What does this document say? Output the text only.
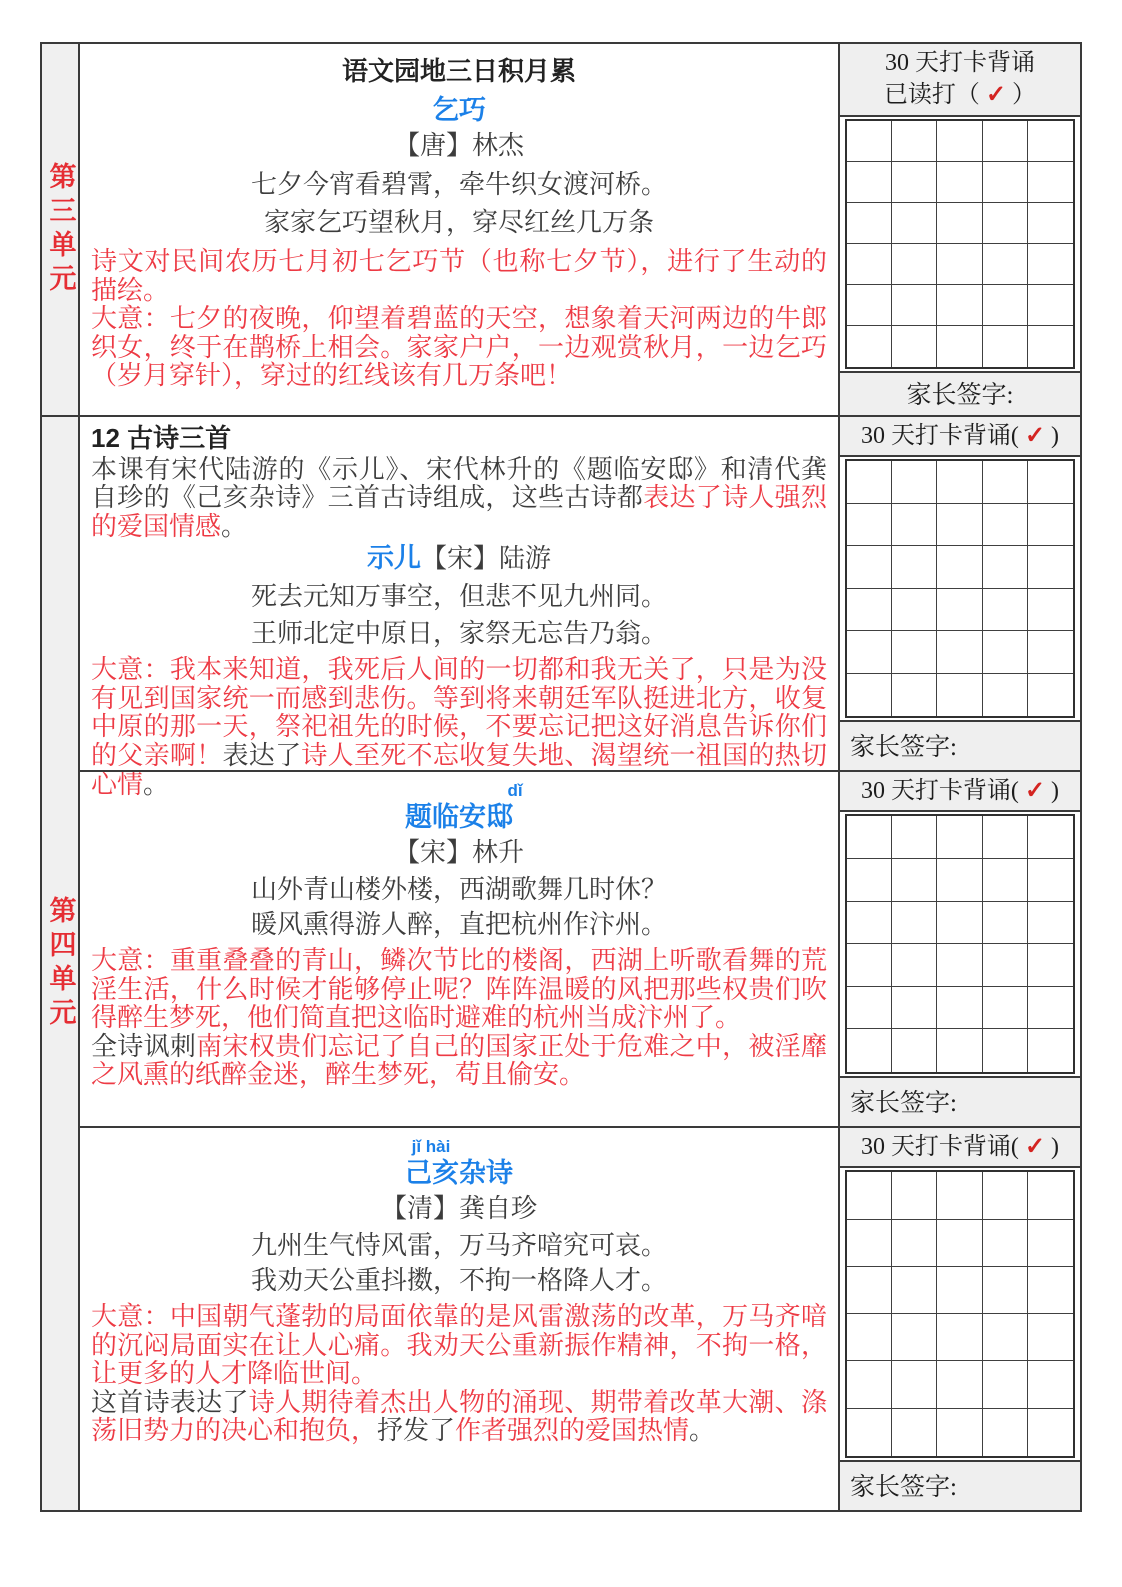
第三单元
语文园地三日积月累
乞巧
【唐】林杰
七夕今宵看碧霄，牵牛织女渡河桥。
家家乞巧望秋月，穿尽红丝几万条

诗文对民间农历七月初七乞巧节（也称七夕节），进行了生动的描绘。

大意：七夕的夜晚，仰望着碧蓝的天空，想象着天河两边的牛郎织女，终于在鹊桥上相会。家家户户，一边观赏秋月，一边乞巧（岁月穿针），穿过的红线该有几万条吧！

30 天打卡背诵
已读打（ ✓ ）
家长签字:
第四单元
12 古诗三首

本课有宋代陆游的《示儿》、宋代林升的《题临安邸》和清代龚自珍的《己亥杂诗》三首古诗组成，这些古诗都表达了诗人强烈的爱国情感。

示儿【宋】陆游
死去元知万事空，但悲不见九州同。
王师北定中原日，家祭无忘告乃翁。

大意：我本来知道，我死后人间的一切都和我无关了，只是为没有见到国家统一而感到悲伤。等到将来朝廷军队挺进北方，收复中原的那一天，祭祀祖先的时候，不要忘记把这好消息告诉你们的父亲啊！表达了诗人至死不忘收复失地、渴望统一祖国的热切心情。

30 天打卡背诵( ✓ )
家长签字:
dǐ
题临安邸
【宋】林升
山外青山楼外楼，西湖歌舞几时休？
暖风熏得游人醉，直把杭州作汴州。

大意：重重叠叠的青山，鳞次节比的楼阁，西湖上听歌看舞的荒淫生活，什么时候才能够停止呢？阵阵温暖的风把那些权贵们吹得醉生梦死，他们简直把这临时避难的杭州当成汴州了。

全诗讽刺南宋权贵们忘记了自己的国家正处于危难之中，被淫靡之风熏的纸醉金迷，醉生梦死，苟且偷安。

30 天打卡背诵( ✓ )
家长签字:
jǐ hài
己亥杂诗
【清】龚自珍
九州生气恃风雷，万马齐喑究可哀。
我劝天公重抖擞，不拘一格降人才。

大意：中国朝气蓬勃的局面依靠的是风雷激荡的改革，万马齐喑的沉闷局面实在让人心痛。我劝天公重新振作精神，不拘一格，让更多的人才降临世间。

这首诗表达了诗人期待着杰出人物的涌现、期带着改革大潮、涤荡旧势力的决心和抱负，抒发了作者强烈的爱国热情。

30 天打卡背诵( ✓ )
家长签字:
